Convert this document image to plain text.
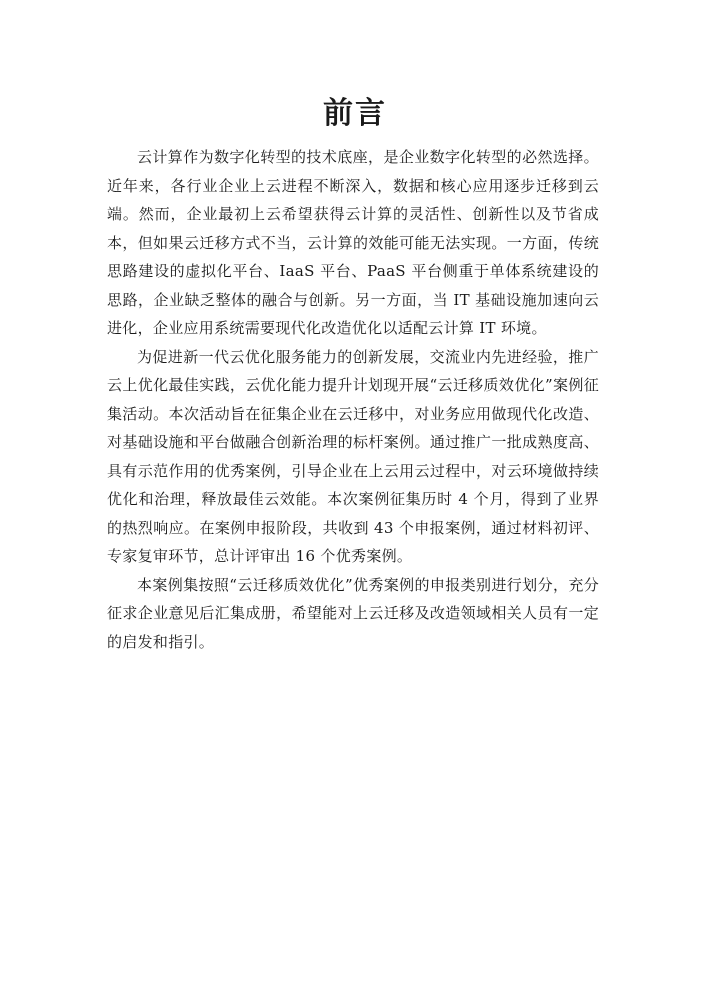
前言

云计算作为数字化转型的技术底座，是企业数字化转型的必然选择。近年来，各行业企业上云进程不断深入，数据和核心应用逐步迁移到云端。然而，企业最初上云希望获得云计算的灵活性、创新性以及节省成本，但如果云迁移方式不当，云计算的效能可能无法实现。一方面，传统思路建设的虚拟化平台、IaaS 平台、PaaS 平台侧重于单体系统建设的思路，企业缺乏整体的融合与创新。另一方面，当 IT 基础设施加速向云进化，企业应用系统需要现代化改造优化以适配云计算 IT 环境。

为促进新一代云优化服务能力的创新发展，交流业内先进经验，推广云上优化最佳实践，云优化能力提升计划现开展“云迁移质效优化”案例征集活动。本次活动旨在征集企业在云迁移中，对业务应用做现代化改造、对基础设施和平台做融合创新治理的标杆案例。通过推广一批成熟度高、具有示范作用的优秀案例，引导企业在上云用云过程中，对云环境做持续优化和治理，释放最佳云效能。本次案例征集历时 4 个月，得到了业界的热烈响应。在案例申报阶段，共收到 43 个申报案例，通过材料初评、专家复审环节，总计评审出 16 个优秀案例。

本案例集按照“云迁移质效优化”优秀案例的申报类别进行划分，充分征求企业意见后汇集成册，希望能对上云迁移及改造领域相关人员有一定的启发和指引。
